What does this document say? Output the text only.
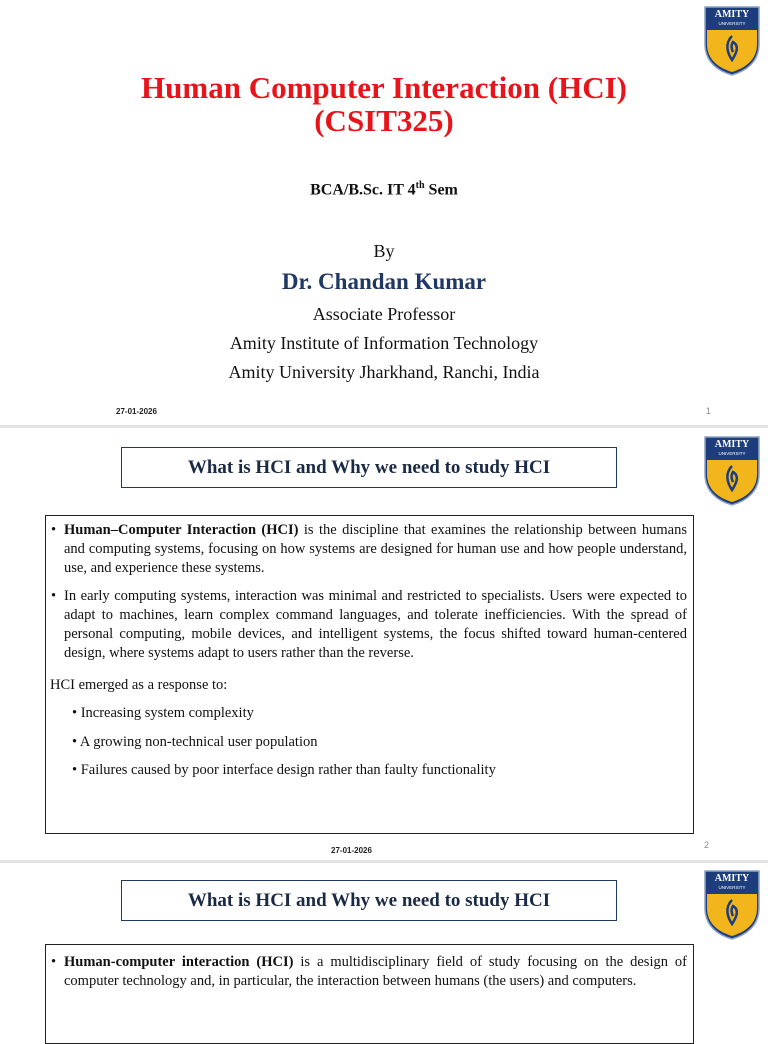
AMITY
UNIVERSITY
Human Computer Interaction (HCI)
(CSIT325)
BCA/B.Sc. IT 4th Sem
By
Dr. Chandan Kumar
Associate Professor
Amity Institute of Information Technology
Amity University Jharkhand, Ranchi, India
27-01-2026	1
AMITY
UNIVERSITY
What is HCI and Why we need to study HCI
• Human–Computer Interaction (HCI) is the discipline that examines the relationship between humans and computing systems, focusing on how systems are designed for human use and how people understand, use, and experience these systems.
• In early computing systems, interaction was minimal and restricted to specialists. Users were expected to adapt to machines, learn complex command languages, and tolerate inefficiencies. With the spread of personal computing, mobile devices, and intelligent systems, the focus shifted toward human-centered design, where systems adapt to users rather than the reverse.
HCI emerged as a response to:
• Increasing system complexity
• A growing non-technical user population
• Failures caused by poor interface design rather than faulty functionality
27-01-2026
2
AMITY
UNIVERSITY
What is HCI and Why we need to study HCI
• Human-computer interaction (HCI) is a multidisciplinary field of study focusing on the design of computer technology and, in particular, the interaction between humans (the users) and computers.
